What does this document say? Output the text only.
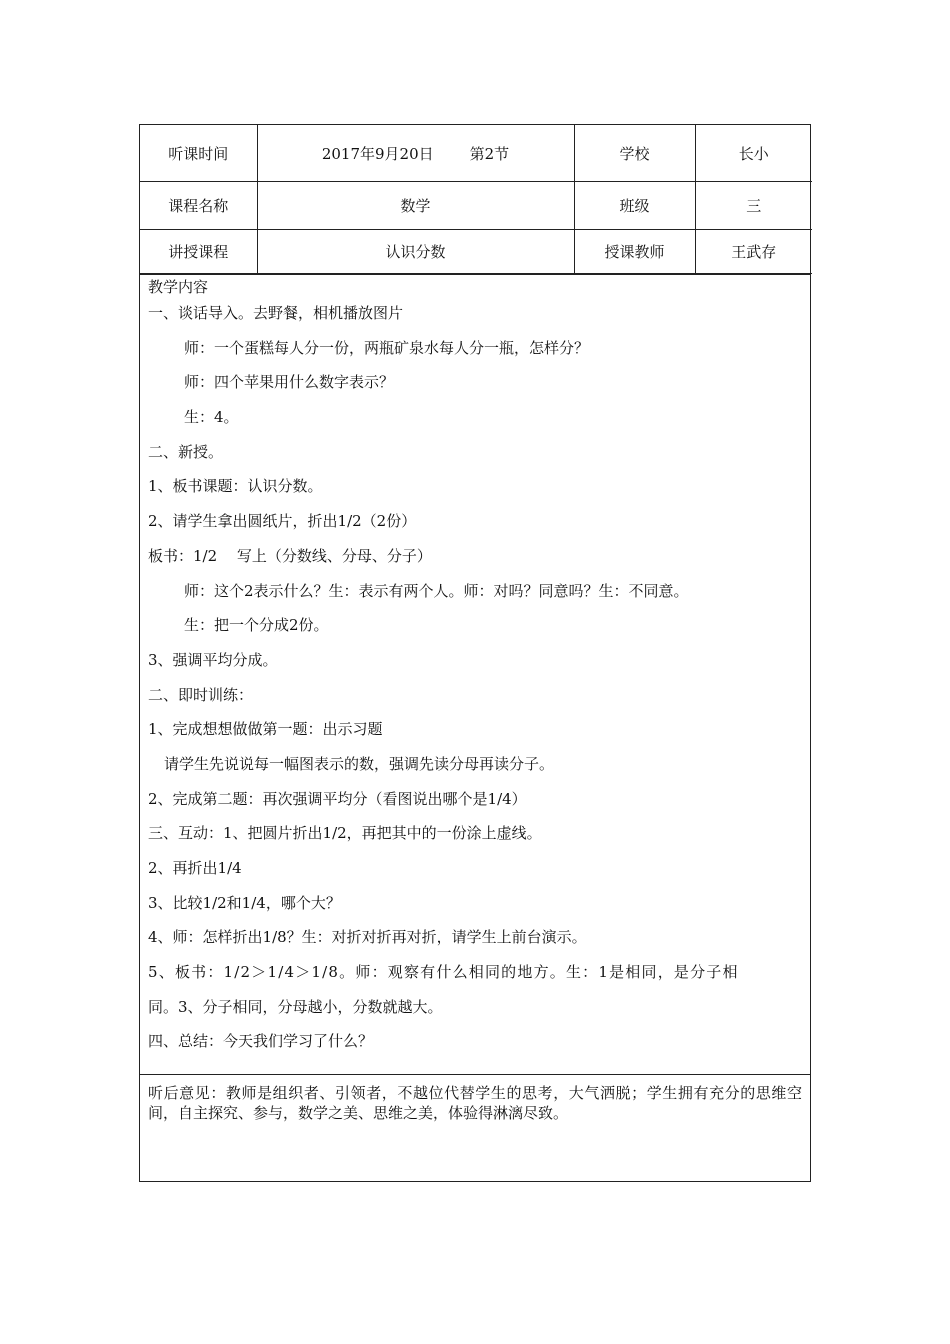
听课时间	2017年9月20日 第2节	学校	长小
课程名称	数学	班级	三
讲授课程	认识分数	授课教师	王武存
教学内容
一、谈话导入。去野餐，相机播放图片
师：一个蛋糕每人分一份，两瓶矿泉水每人分一瓶，怎样分？
师：四个苹果用什么数字表示？
生：4。
二、新授。
1、板书课题：认识分数。
2、请学生拿出圆纸片，折出1/2（2份）
板书：1/2　 写上（分数线、分母、分子）
师：这个2表示什么？生：表示有两个人。师：对吗？同意吗？生：不同意。
生：把一个分成2份。
3、强调平均分成。
二、即时训练：
1、完成想想做做第一题：出示习题
请学生先说说每一幅图表示的数，强调先读分母再读分子。
2、完成第二题：再次强调平均分（看图说出哪个是1/4）
三、互动：1、把圆片折出1/2，再把其中的一份涂上虚线。
2、再折出1/4
3、比较1/2和1/4，哪个大？
4、师：怎样折出1/8？生：对折对折再对折，请学生上前台演示。
5、板书：1/2＞1/4＞1/8。师：观察有什么相同的地方。生：1是相同，是分子相
同。3、分子相同，分母越小，分数就越大。
四、总结：今天我们学习了什么？
听后意见：教师是组织者、引领者，不越位代替学生的思考，大气洒脱；学生拥有充分的思维空间，自主探究、参与，数学之美、思维之美，体验得淋漓尽致。
